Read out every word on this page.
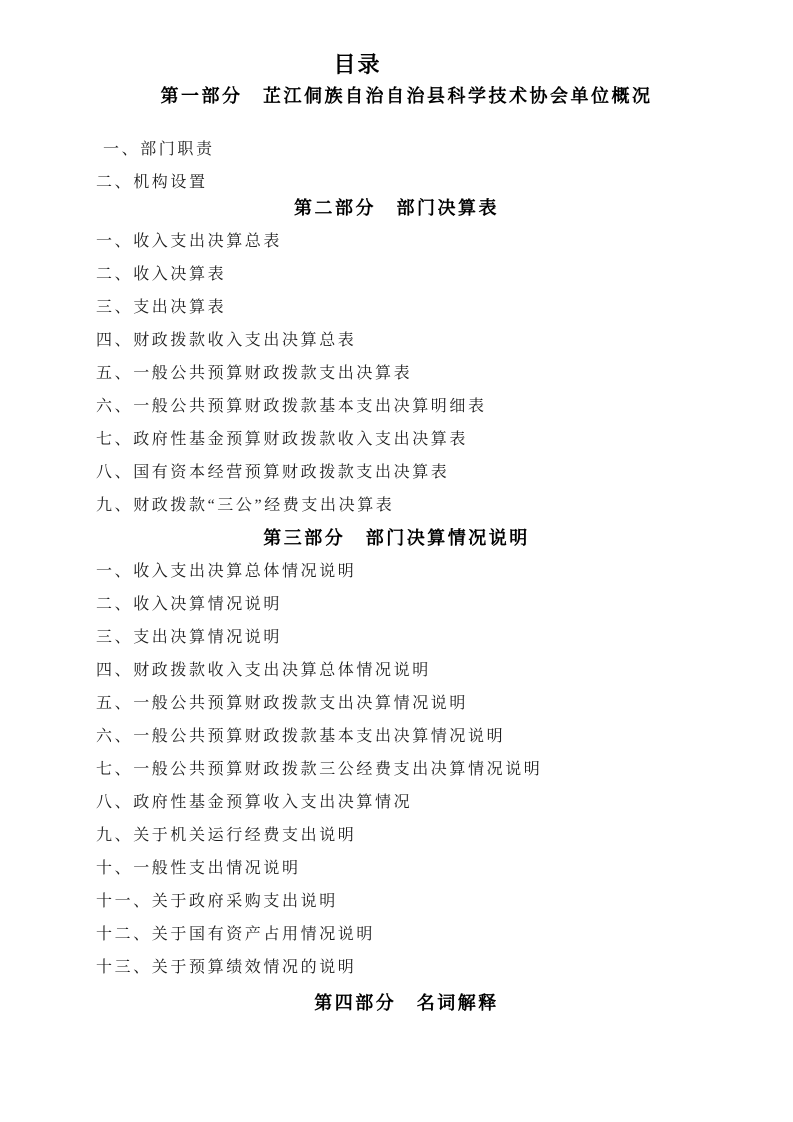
目录
第一部分　芷江侗族自治自治县科学技术协会单位概况
一、部门职责
二、机构设置
第二部分　部门决算表
一、收入支出决算总表
二、收入决算表
三、支出决算表
四、财政拨款收入支出决算总表
五、一般公共预算财政拨款支出决算表
六、一般公共预算财政拨款基本支出决算明细表
七、政府性基金预算财政拨款收入支出决算表
八、国有资本经营预算财政拨款支出决算表
九、财政拨款“三公”经费支出决算表
第三部分　部门决算情况说明
一、收入支出决算总体情况说明
二、收入决算情况说明
三、支出决算情况说明
四、财政拨款收入支出决算总体情况说明
五、一般公共预算财政拨款支出决算情况说明
六、一般公共预算财政拨款基本支出决算情况说明
七、一般公共预算财政拨款三公经费支出决算情况说明
八、政府性基金预算收入支出决算情况
九、关于机关运行经费支出说明
十、一般性支出情况说明
十一、关于政府采购支出说明
十二、关于国有资产占用情况说明
十三、关于预算绩效情况的说明
第四部分　名词解释
